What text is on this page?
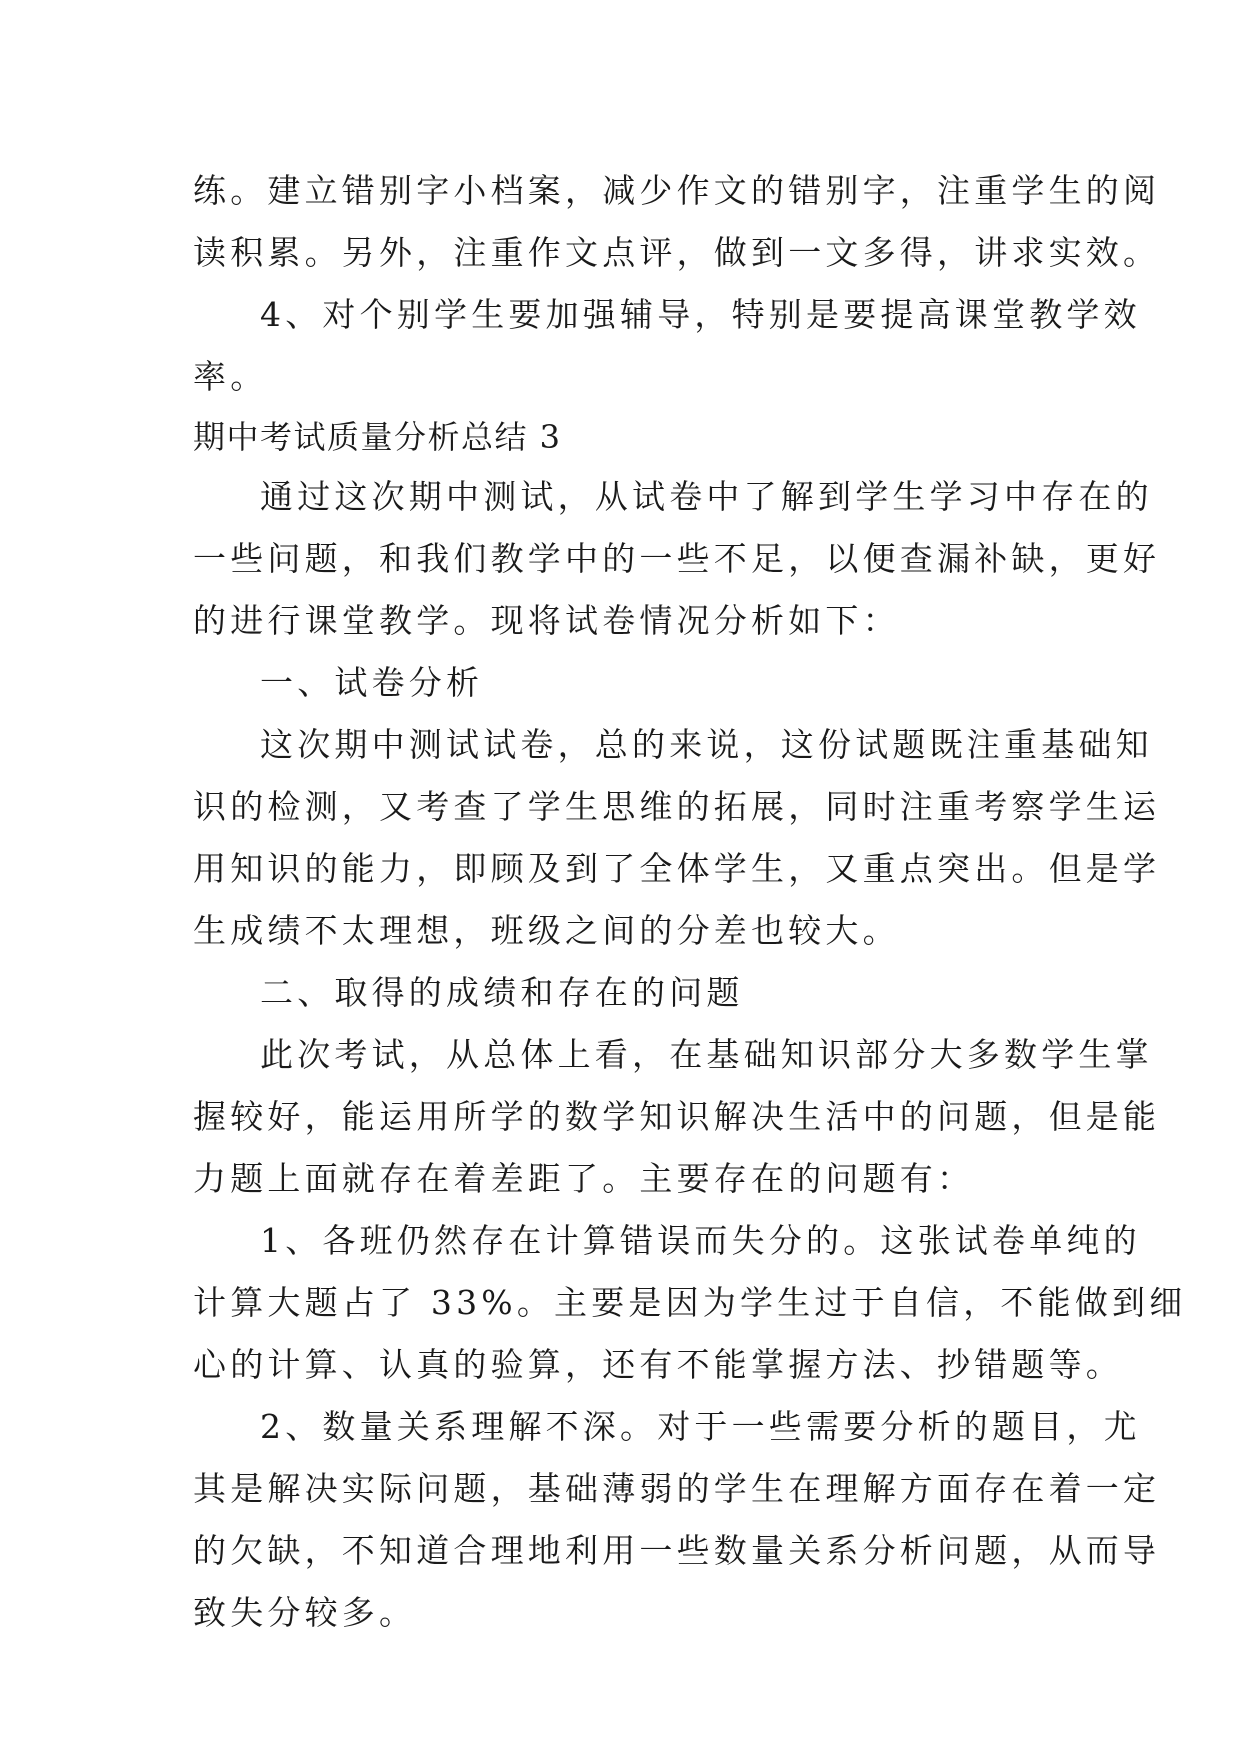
练。建立错别字小档案，减少作文的错别字，注重学生的阅
读积累。另外，注重作文点评，做到一文多得，讲求实效。
4、对个别学生要加强辅导，特别是要提高课堂教学效
率。
期中考试质量分析总结 3
通过这次期中测试，从试卷中了解到学生学习中存在的
一些问题，和我们教学中的一些不足，以便查漏补缺，更好
的进行课堂教学。现将试卷情况分析如下：
一、试卷分析
这次期中测试试卷，总的来说，这份试题既注重基础知
识的检测，又考查了学生思维的拓展，同时注重考察学生运
用知识的能力，即顾及到了全体学生，又重点突出。但是学
生成绩不太理想，班级之间的分差也较大。
二、取得的成绩和存在的问题
此次考试，从总体上看，在基础知识部分大多数学生掌
握较好，能运用所学的数学知识解决生活中的问题，但是能
力题上面就存在着差距了。主要存在的问题有：
1、各班仍然存在计算错误而失分的。这张试卷单纯的
计算大题占了 33%。主要是因为学生过于自信，不能做到细
心的计算、认真的验算，还有不能掌握方法、抄错题等。
2、数量关系理解不深。对于一些需要分析的题目，尤
其是解决实际问题，基础薄弱的学生在理解方面存在着一定
的欠缺，不知道合理地利用一些数量关系分析问题，从而导
致失分较多。
